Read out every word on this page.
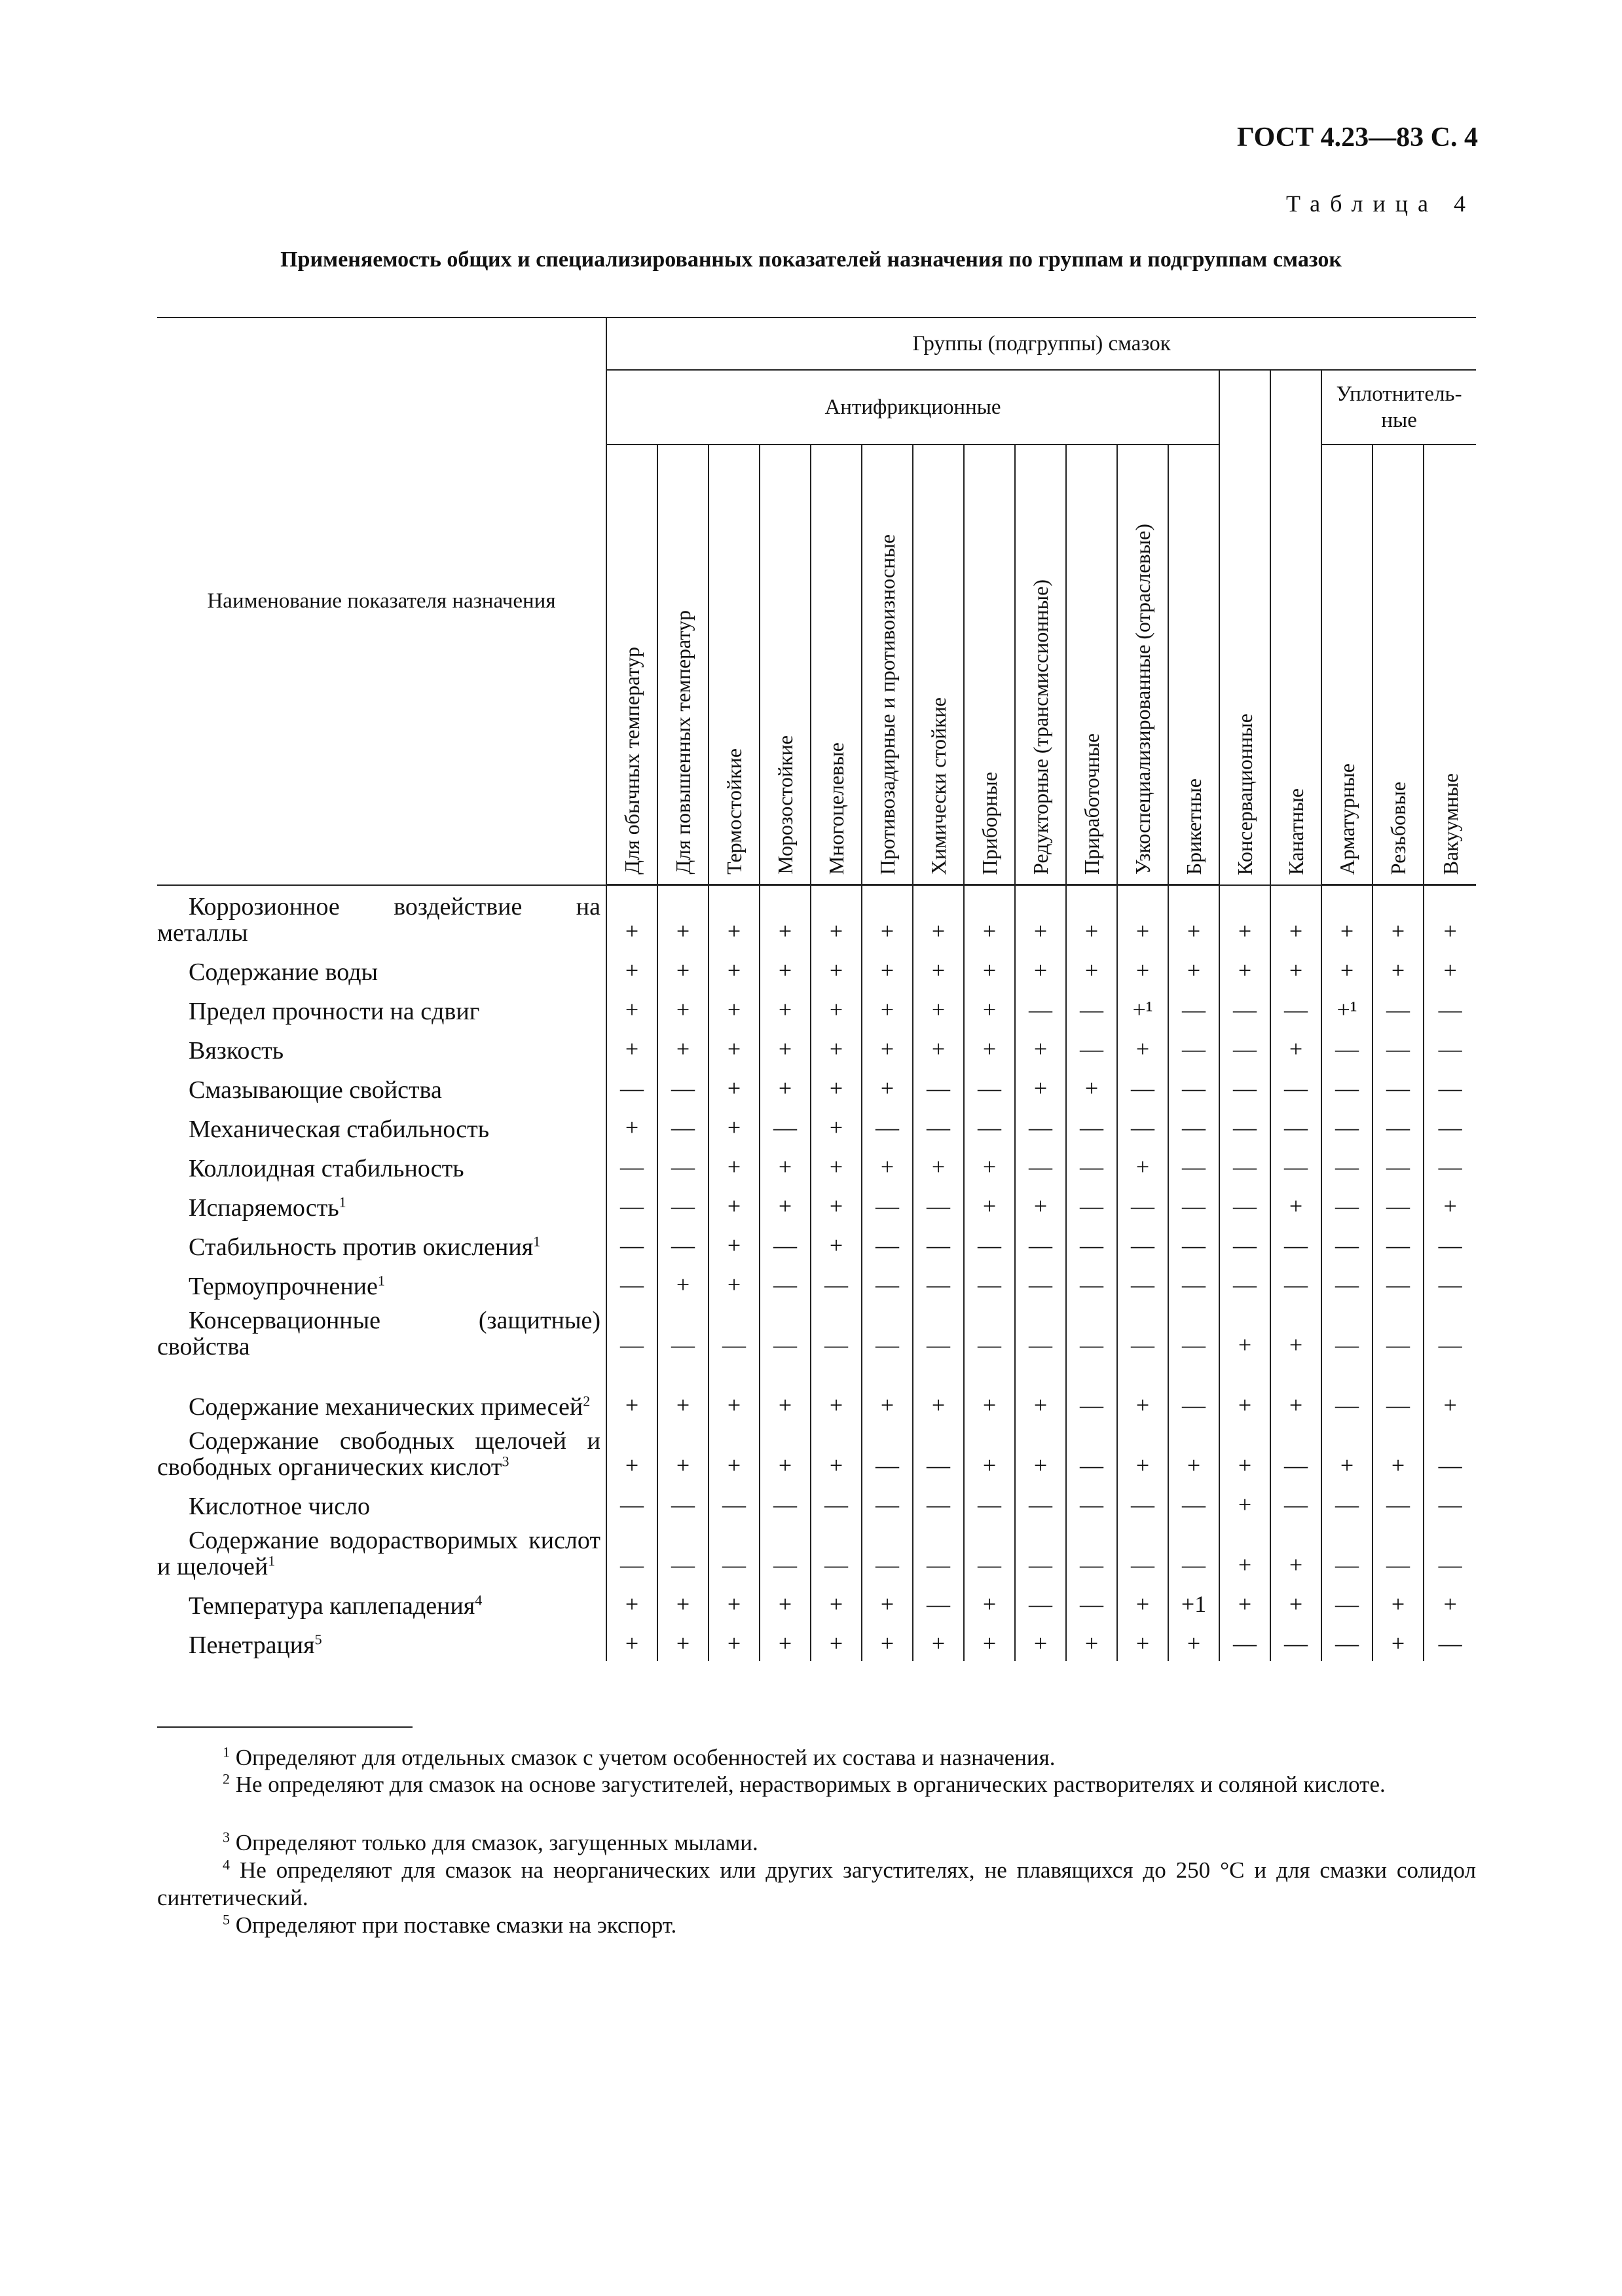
ГОСТ 4.23—83 С. 4
Таблица 4
Применяемость общих и специализированных показателей назначения по группам и подгруппам смазок
Наименование показателя назначения	Группы (подгруппы) смазок																
	Антифрикционные												Консервационные	Канатные	Уплотнитель-ные		

	Для обычных температур	Для повышенных температур	Термостойкие	Морозостойкие	Многоцелевые	Противозадирные и противоизносные	Химически стойкие	Приборные	Редукторные (трансмиссионные)	Приработочные	Узкоспециализированные (отраслевые)	Брикетные			Арматурные	Резьбовые	Вакуумные

Коррозионное воздействие на металлы	+	+	+	+	+	+	+	+	+	+	+	+	+	+	+	+	+

Содержание воды	+	+	+	+	+	+	+	+	+	+	+	+	+	+	+	+	+

Предел прочности на сдвиг	+	+	+	+	+	+	+	+	—	—	+¹	—	—	—	+¹	—	—

Вязкость	+	+	+	+	+	+	+	+	+	—	+	—	—	+	—	—	—

Смазывающие свойства	—	—	+	+	+	+	—	—	+	+	—	—	—	—	—	—	—

Механическая стабильность	+	—	+	—	+	—	—	—	—	—	—	—	—	—	—	—	—

Коллоидная стабильность	—	—	+	+	+	+	+	+	—	—	+	—	—	—	—	—	—

Испаряемость$^1$	—	—	+	+	+	—	—	+	+	—	—	—	—	+	—	—	+

Стабильность против окисления$^1$	—	—	+	—	+	—	—	—	—	—	—	—	—	—	—	—	—

Термоупрочнение$^1$	—	+	+	—	—	—	—	—	—	—	—	—	—	—	—	—	—

Консервационные (защитные) свойства	—	—	—	—	—	—	—	—	—	—	—	—	+	+	—	—	—

Содержание механических примесей$^2$	+	+	+	+	+	+	+	+	+	—	+	—	+	+	—	—	+

Содержание свободных щелочей и свободных органических кислот$^3$	+	+	+	+	+	—	—	+	+	—	+	+	+	—	+	+	—

Кислотное число	—	—	—	—	—	—	—	—	—	—	—	—	+	—	—	—	—

Содержание водорастворимых кислот и щелочей$^1$	—	—	—	—	—	—	—	—	—	—	—	—	+	+	—	—	—

Температура каплепадения$^4$	+	+	+	+	+	+	—	+	—	—	+	+1	+	+	—	+	+

Пенетрация$^5$	+	+	+	+	+	+	+	+	+	+	+	+	—	—	—	+	—
$^1$ Определяют для отдельных смазок с учетом особенностей их состава и назначения.
$^2$ Не определяют для смазок на основе загустителей, нерастворимых в органических растворителях и соляной кислоте.
$^3$ Определяют только для смазок, загущенных мылами.
$^4$ Не определяют для смазок на неорганических или других загустителях, не плавящихся до 250 °С и для смазки солидол синтетический.
$^5$ Определяют при поставке смазки на экспорт.
